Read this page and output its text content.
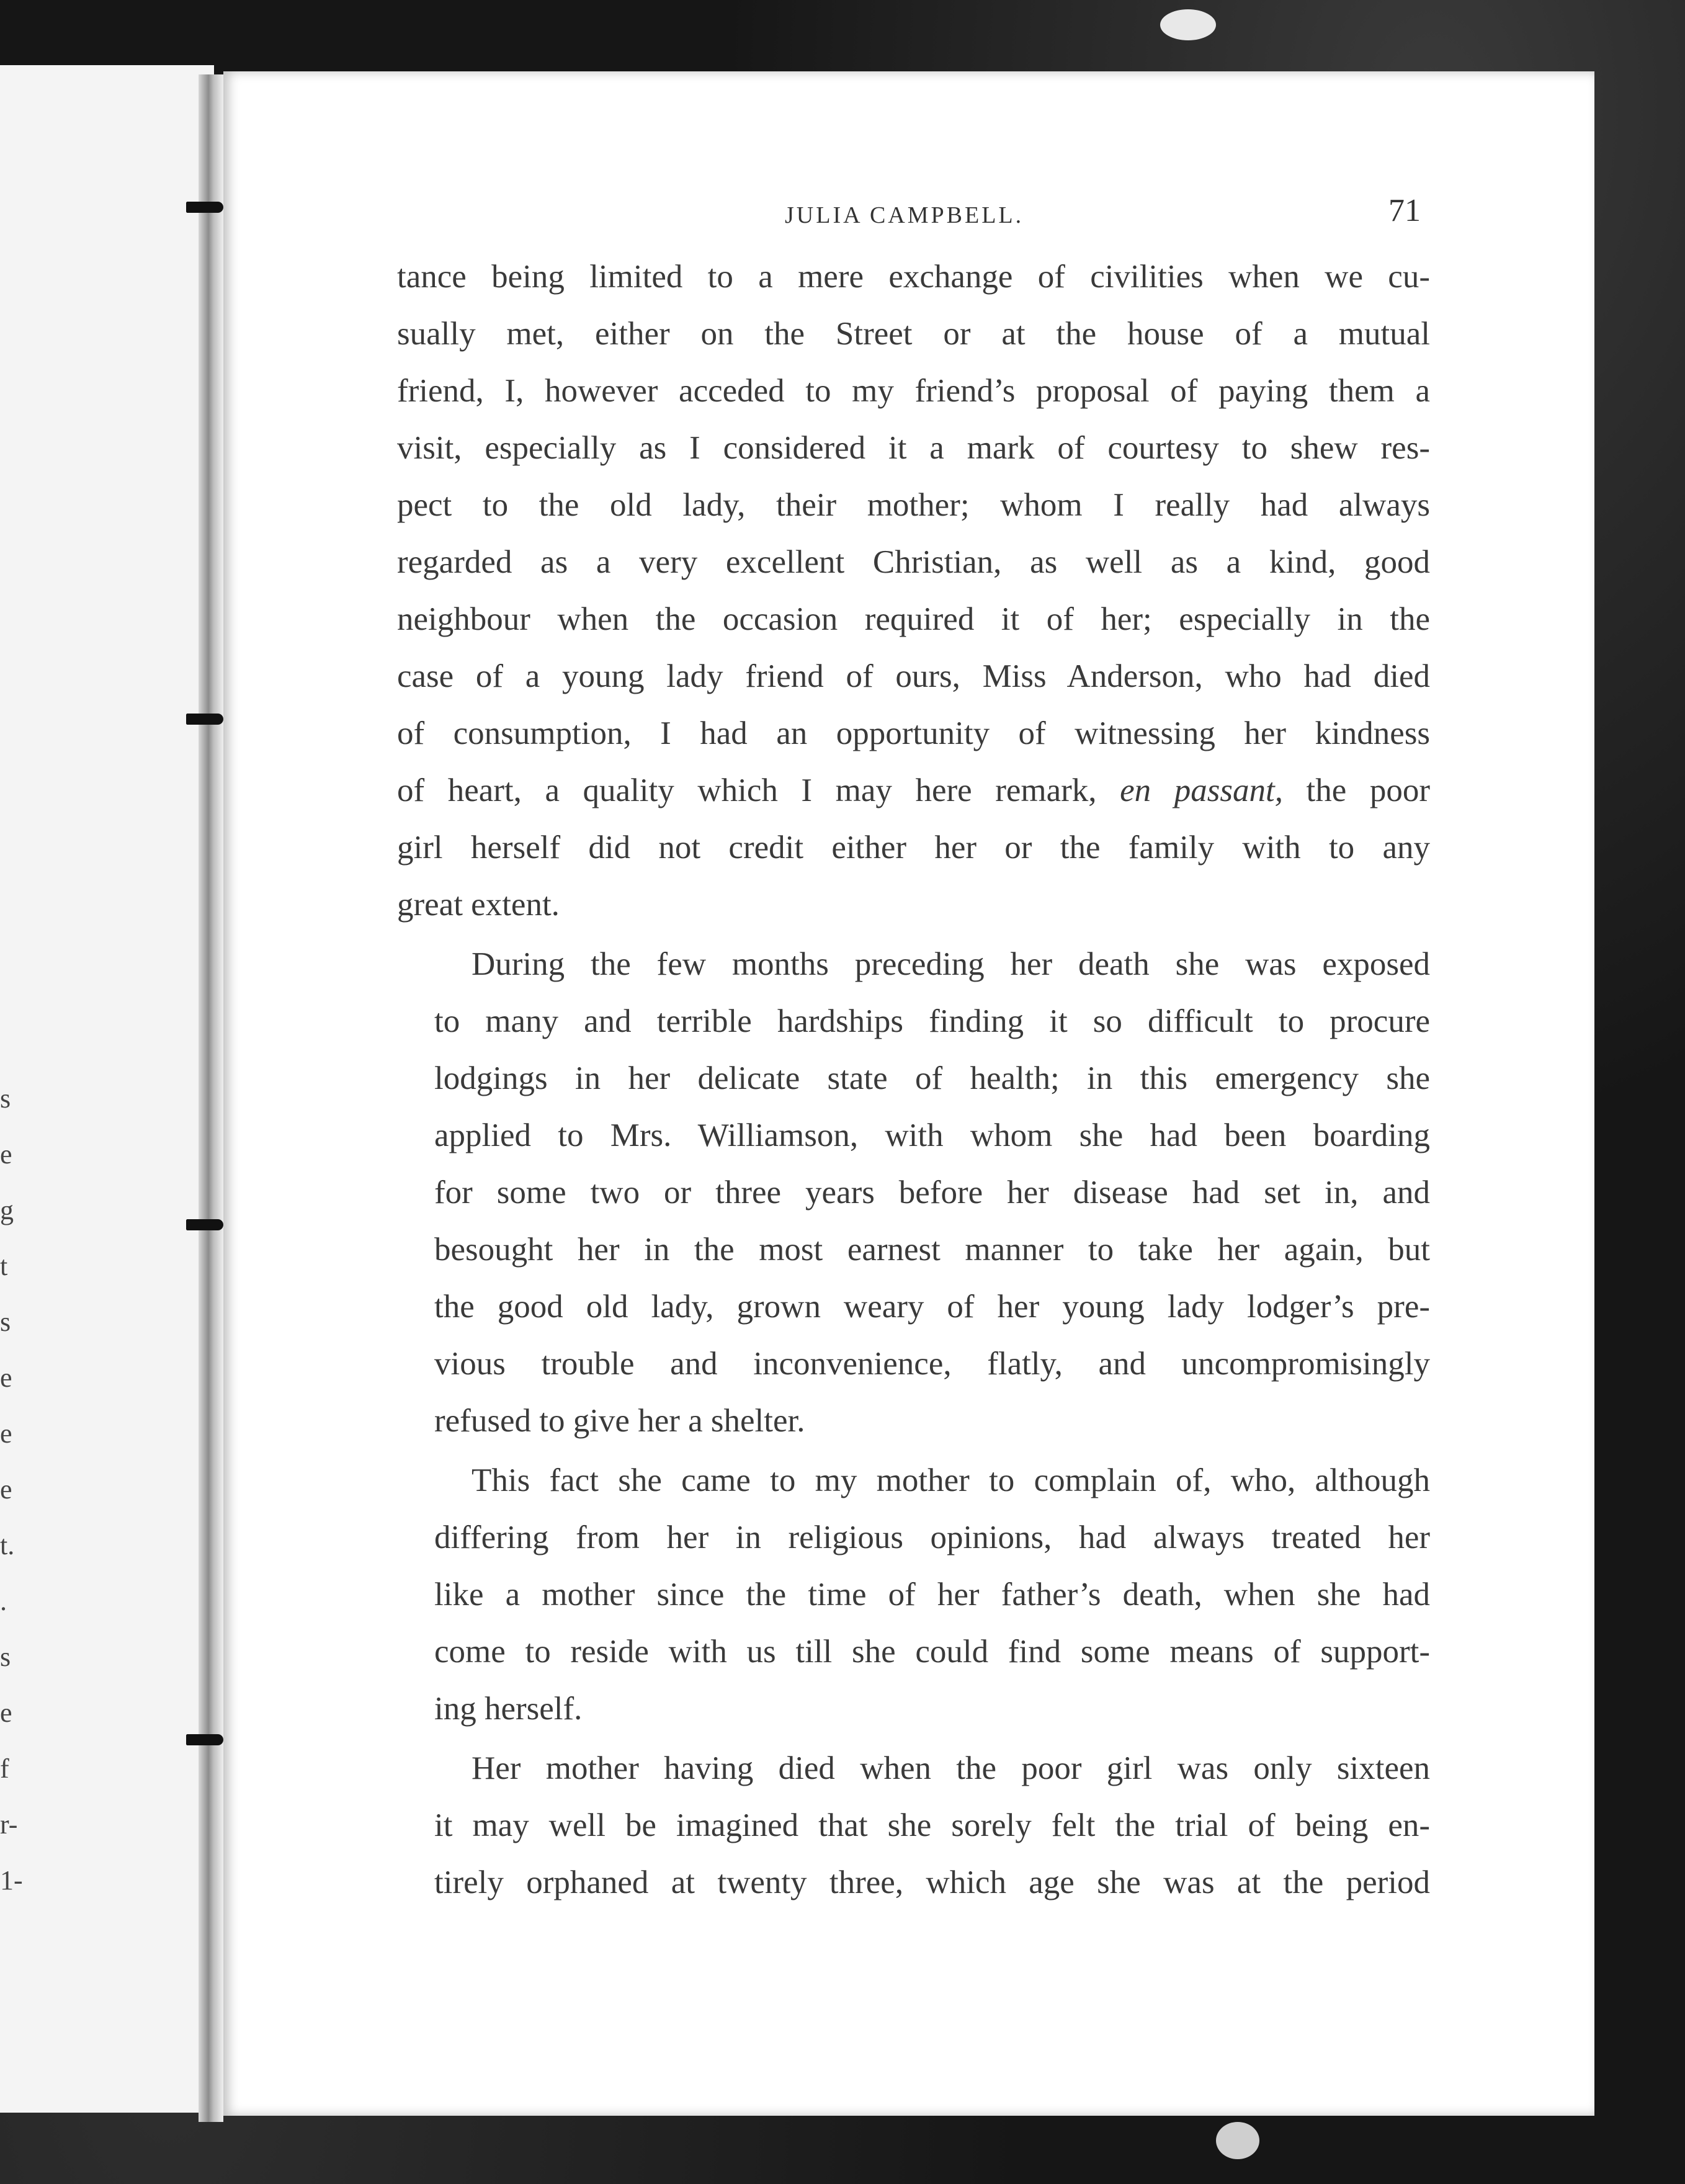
s
e
g
t
s
e
e
e
t.
.
s
e
f
r-
1-
JULIA CAMPBELL.	71
tance being limited to a mere exchange of civilities when we cu-
sually met, either on the Street or at the house of a mutual
friend, I, however acceded to my friend’s proposal of paying them a
visit, especially as I considered it a mark of courtesy to shew res-
pect to the old lady, their mother; whom I really had always
regarded as a very excellent Christian, as well as a kind, good
neighbour when the occasion required it of her; especially in the
case of a young lady friend of ours, Miss Anderson, who had died
of consumption, I had an opportunity of witnessing her kindness
of heart, a quality which I may here remark, en passant, the poor
girl herself did not credit either her or the family with to any
great extent.
During the few months preceding her death she was exposed
to many and terrible hardships finding it so difficult to procure
lodgings in her delicate state of health; in this emergency she
applied to Mrs. Williamson, with whom she had been boarding
for some two or three years before her disease had set in, and
besought her in the most earnest manner to take her again, but
the good old lady, grown weary of her young lady lodger’s pre-
vious trouble and inconvenience, flatly, and uncompromisingly
refused to give her a shelter.
This fact she came to my mother to complain of, who, although
differing from her in religious opinions, had always treated her
like a mother since the time of her father’s death, when she had
come to reside with us till she could find some means of support-
ing herself.
Her mother having died when the poor girl was only sixteen
it may well be imagined that she sorely felt the trial of being en-
tirely orphaned at twenty three, which age she was at the period
